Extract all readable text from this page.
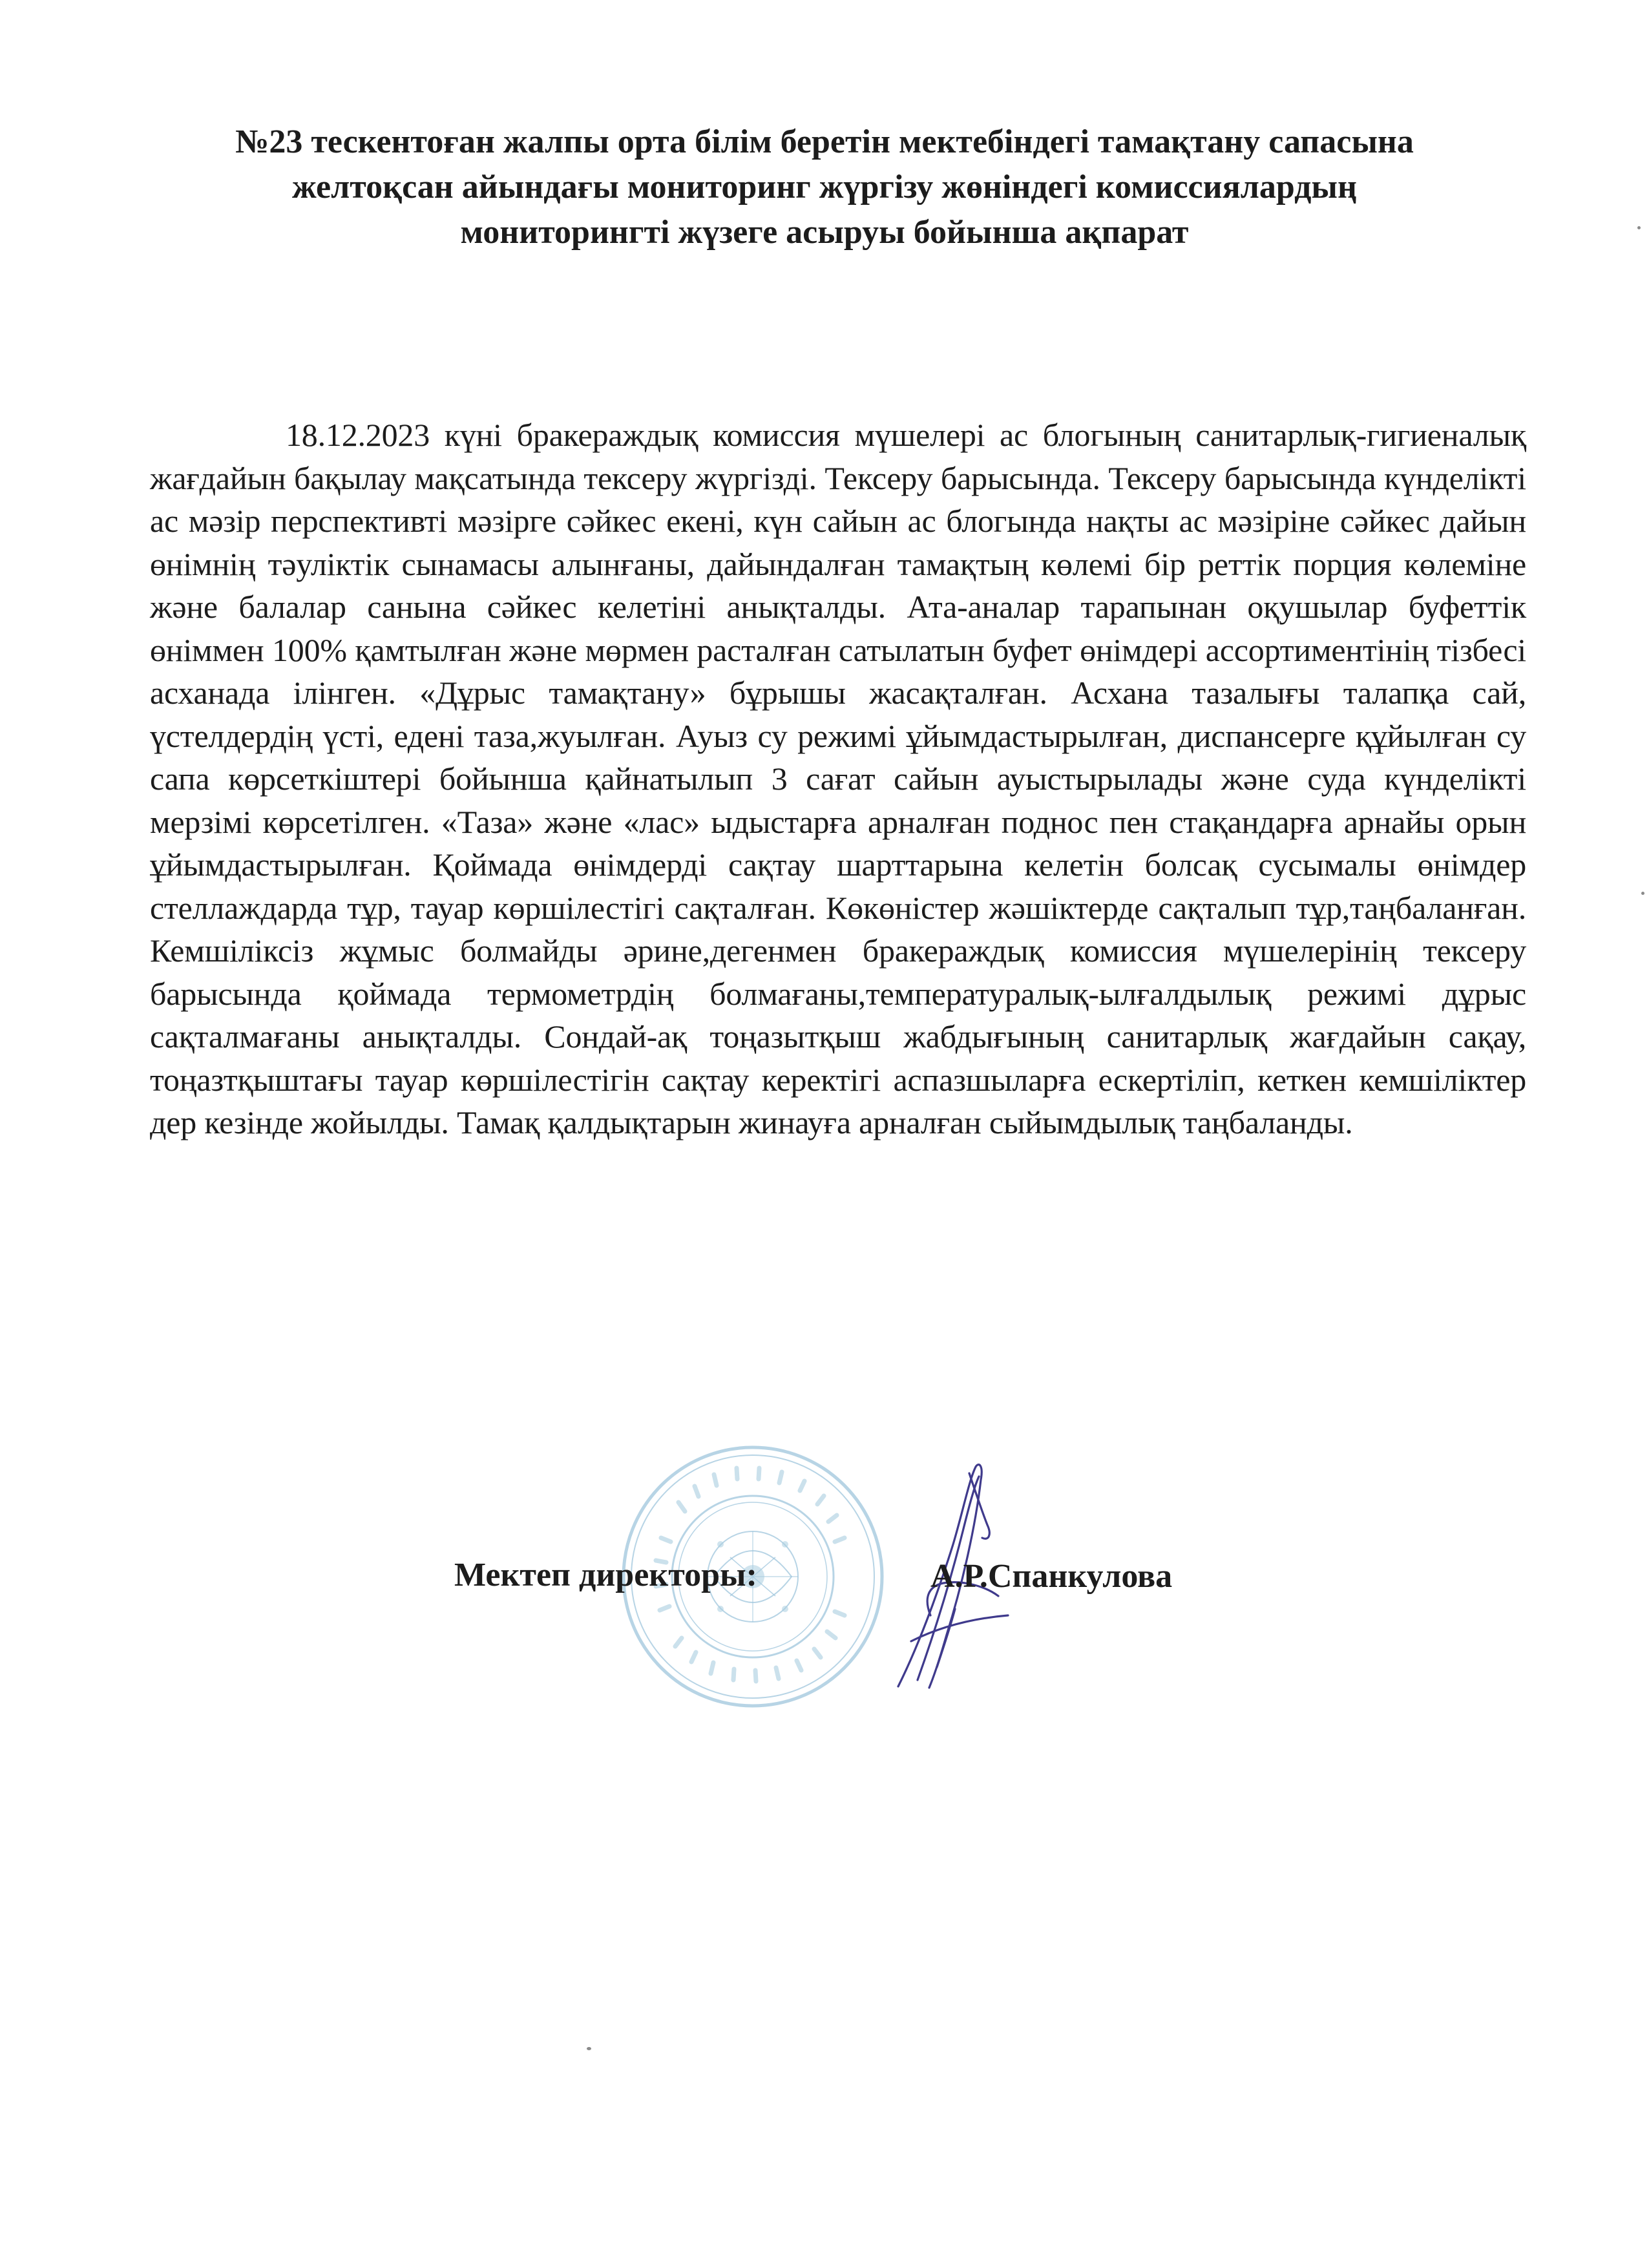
№23 тескентоған жалпы орта білім беретін мектебіндегі тамақтану сапасына
желтоқсан айындағы мониторинг жүргізу жөніндегі комиссиялардың
мониторингті жүзеге асыруы бойынша ақпарат

18.12.2023 күні бракераждық комиссия мүшелері ас блогының санитарлық-гигиеналық жағдайын бақылау мақсатында тексеру жүргізді. Тексеру барысында. Тексеру барысында күнделікті ас мәзір перспективті мәзірге сәйкес екені, күн сайын ас блогында нақты ас мәзіріне сәйкес дайын өнімнің тәуліктік сынамасы алынғаны, дайындалған тамақтың көлемі бір реттік порция көлеміне және балалар санына сәйкес келетіні анықталды. Ата-аналар тарапынан оқушылар буфеттік өніммен 100% қамтылған және мөрмен расталған сатылатын буфет өнімдері ассортиментінің тізбесі асханада ілінген. «Дұрыс тамақтану» бұрышы жасақталған. Асхана тазалығы талапқа сай, үстелдердің үсті, едені таза,жуылған. Ауыз су режимі ұйымдастырылған, диспансерге құйылған су сапа көрсеткіштері бойынша қайнатылып 3 сағат сайын ауыстырылады және суда күнделікті мерзімі көрсетілген. «Таза» және «лас» ыдыстарға арналған поднос пен стақандарға арнайы орын ұйымдастырылған. Қоймада өнімдерді сақтау шарттарына келетін болсақ сусымалы өнімдер стеллаждарда тұр, тауар көршілестігі сақталған. Көкөністер жәшіктерде сақталып тұр,таңбаланған. Кемшіліксіз жұмыс болмайды әрине,дегенмен бракераждық комиссия мүшелерінің тексеру барысында қоймада термометрдің болмағаны,температуралық-ылғалдылық режимі дұрыс сақталмағаны анықталды. Сондай-ақ тоңазытқыш жабдығының санитарлық жағдайын сақау, тоңазтқыштағы тауар көршілестігін сақтау керектігі аспазшыларға ескертіліп, кеткен кемшіліктер дер кезінде жойылды. Тамақ қалдықтарын жинауға арналған сыйымдылық таңбаланды.

Мектеп директоры:	А.Р.Спанкулова
